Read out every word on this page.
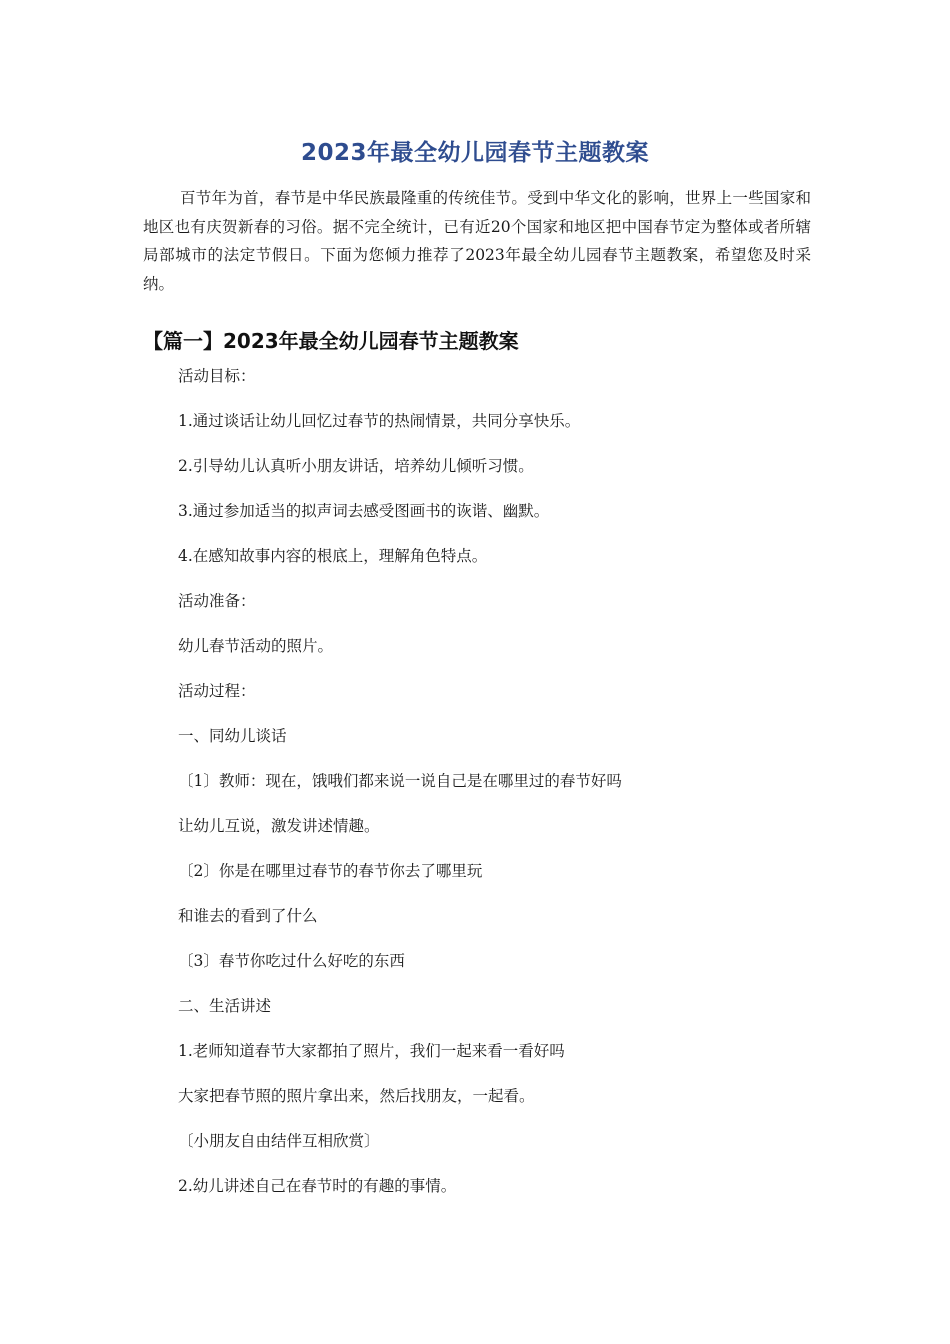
2023年最全幼儿园春节主题教案
百节年为首，春节是中华民族最隆重的传统佳节。受到中华文化的影响，世界上一些国家和地区也有庆贺新春的习俗。据不完全统计，已有近20个国家和地区把中国春节定为整体或者所辖局部城市的法定节假日。下面为您倾力推荐了2023年最全幼儿园春节主题教案，希望您及时采纳。
【篇一】2023年最全幼儿园春节主题教案
活动目标：
1.通过谈话让幼儿回忆过春节的热闹情景，共同分享快乐。
2.引导幼儿认真听小朋友讲话，培养幼儿倾听习惯。
3.通过参加适当的拟声词去感受图画书的诙谐、幽默。
4.在感知故事内容的根底上，理解角色特点。
活动准备：
幼儿春节活动的照片。
活动过程：
一、同幼儿谈话
〔1〕教师：现在，饿哦们都来说一说自己是在哪里过的春节好吗
让幼儿互说，激发讲述情趣。
〔2〕你是在哪里过春节的春节你去了哪里玩
和谁去的看到了什么
〔3〕春节你吃过什么好吃的东西
二、生活讲述
1.老师知道春节大家都拍了照片，我们一起来看一看好吗
大家把春节照的照片拿出来，然后找朋友，一起看。
〔小朋友自由结伴互相欣赏〕
2.幼儿讲述自己在春节时的有趣的事情。
